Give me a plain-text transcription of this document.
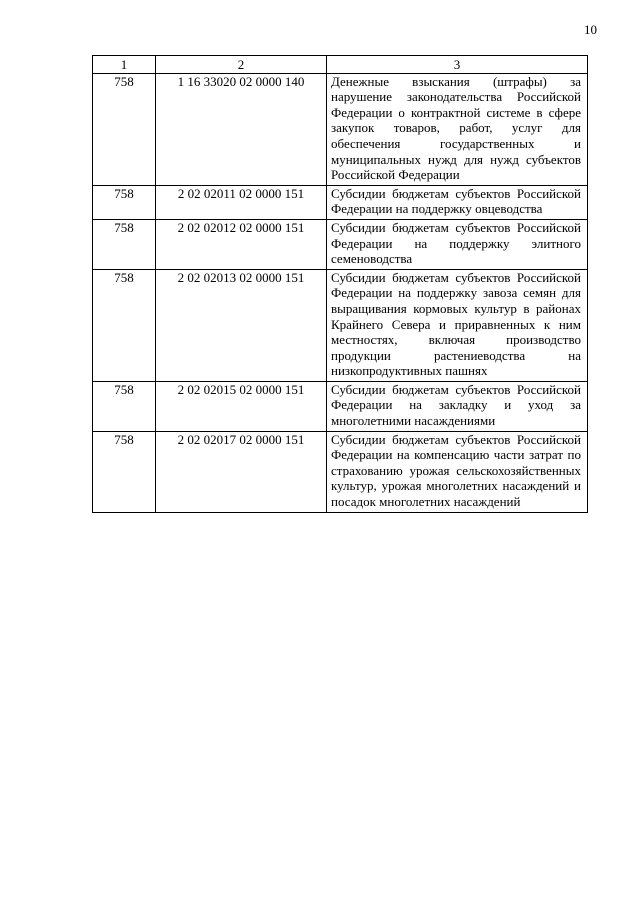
10
1	2	3
758	1 16 33020 02 0000 140	Денежные взыскания (штрафы) за нарушение законодательства Российской Федерации о контрактной системе в сфере закупок товаров, работ, услуг для обеспечения государственных и муниципальных нужд для нужд субъектов Российской Федерации
758	2 02 02011 02 0000 151	Субсидии бюджетам субъектов Российской Федерации на поддержку овцеводства
758	2 02 02012 02 0000 151	Субсидии бюджетам субъектов Российской Федерации на поддержку элитного семеноводства
758	2 02 02013 02 0000 151	Субсидии бюджетам субъектов Российской Федерации на поддержку завоза семян для выращивания кормовых культур в районах Крайнего Севера и приравненных к ним местностях, включая производство продукции растениеводства на низкопродуктивных пашнях
758	2 02 02015 02 0000 151	Субсидии бюджетам субъектов Российской Федерации на закладку и уход за многолетними насаждениями
758	2 02 02017 02 0000 151	Субсидии бюджетам субъектов Российской Федерации на компенсацию части затрат по страхованию урожая сельскохозяйственных культур, урожая многолетних насаждений и посадок многолетних насаждений
